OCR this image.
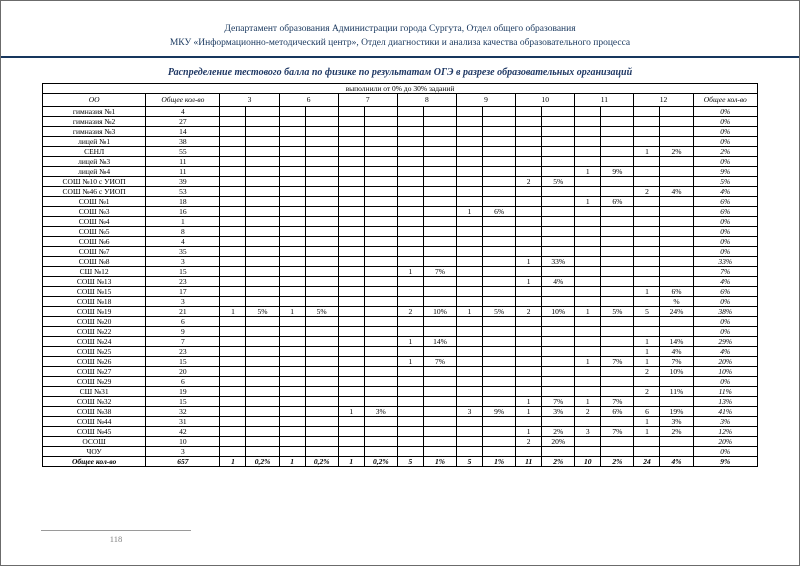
Департамент образования Администрации города Сургута, Отдел общего образования
МКУ «Информационно-методический центр», Отдел диагностики и анализа качества образовательного процесса
Распределение тестового балла по физике по результатам ОГЭ в разрезе образовательных организаций
выполнили от 0% до 30% заданий																		
ОО	Общее кол-во	3		6		7		8		9		10		11		12		Общее кол-во
гимназия №1	4																	0%
гимназия №2	27																	0%
гимназия №3	14																	0%
лицей №1	38																	0%
СЕНЛ	55															1	2%	2%
лицей №3	11																	0%
лицей №4	11													1	9%			9%
СОШ №10 с УИОП	39											2	5%					5%
СОШ №46 с УИОП	53															2	4%	4%
СОШ №1	18													1	6%			6%
СОШ №3	16									1	6%							6%
СОШ №4	1																	0%
СОШ №5	8																	0%
СОШ №6	4																	0%
СОШ №7	35																	0%
СОШ №8	3											1	33%					33%
СШ №12	15							1	7%									7%
СОШ №13	23											1	4%					4%
СОШ №15	17															1	6%	6%
СОШ №18	3																%	0%
СОШ №19	21	1	5%	1	5%			2	10%	1	5%	2	10%	1	5%	5	24%	38%
СОШ №20	6																	0%
СОШ №22	9																	0%
СОШ №24	7							1	14%							1	14%	29%
СОШ №25	23															1	4%	4%
СОШ №26	15							1	7%					1	7%	1	7%	20%
СОШ №27	20															2	10%	10%
СОШ №29	6																	0%
СШ №31	19															2	11%	11%
СОШ №32	15											1	7%	1	7%			13%
СОШ №38	32					1	3%			3	9%	1	3%	2	6%	6	19%	41%
СОШ №44	31															1	3%	3%
СОШ №45	42											1	2%	3	7%	1	2%	12%
ОСОШ	10											2	20%					20%
ЧОУ	3																	0%
Общее кол-во	657	1	0,2%	1	0,2%	1	0,2%	5	1%	5	1%	11	2%	10	2%	24	4%	9%
118
